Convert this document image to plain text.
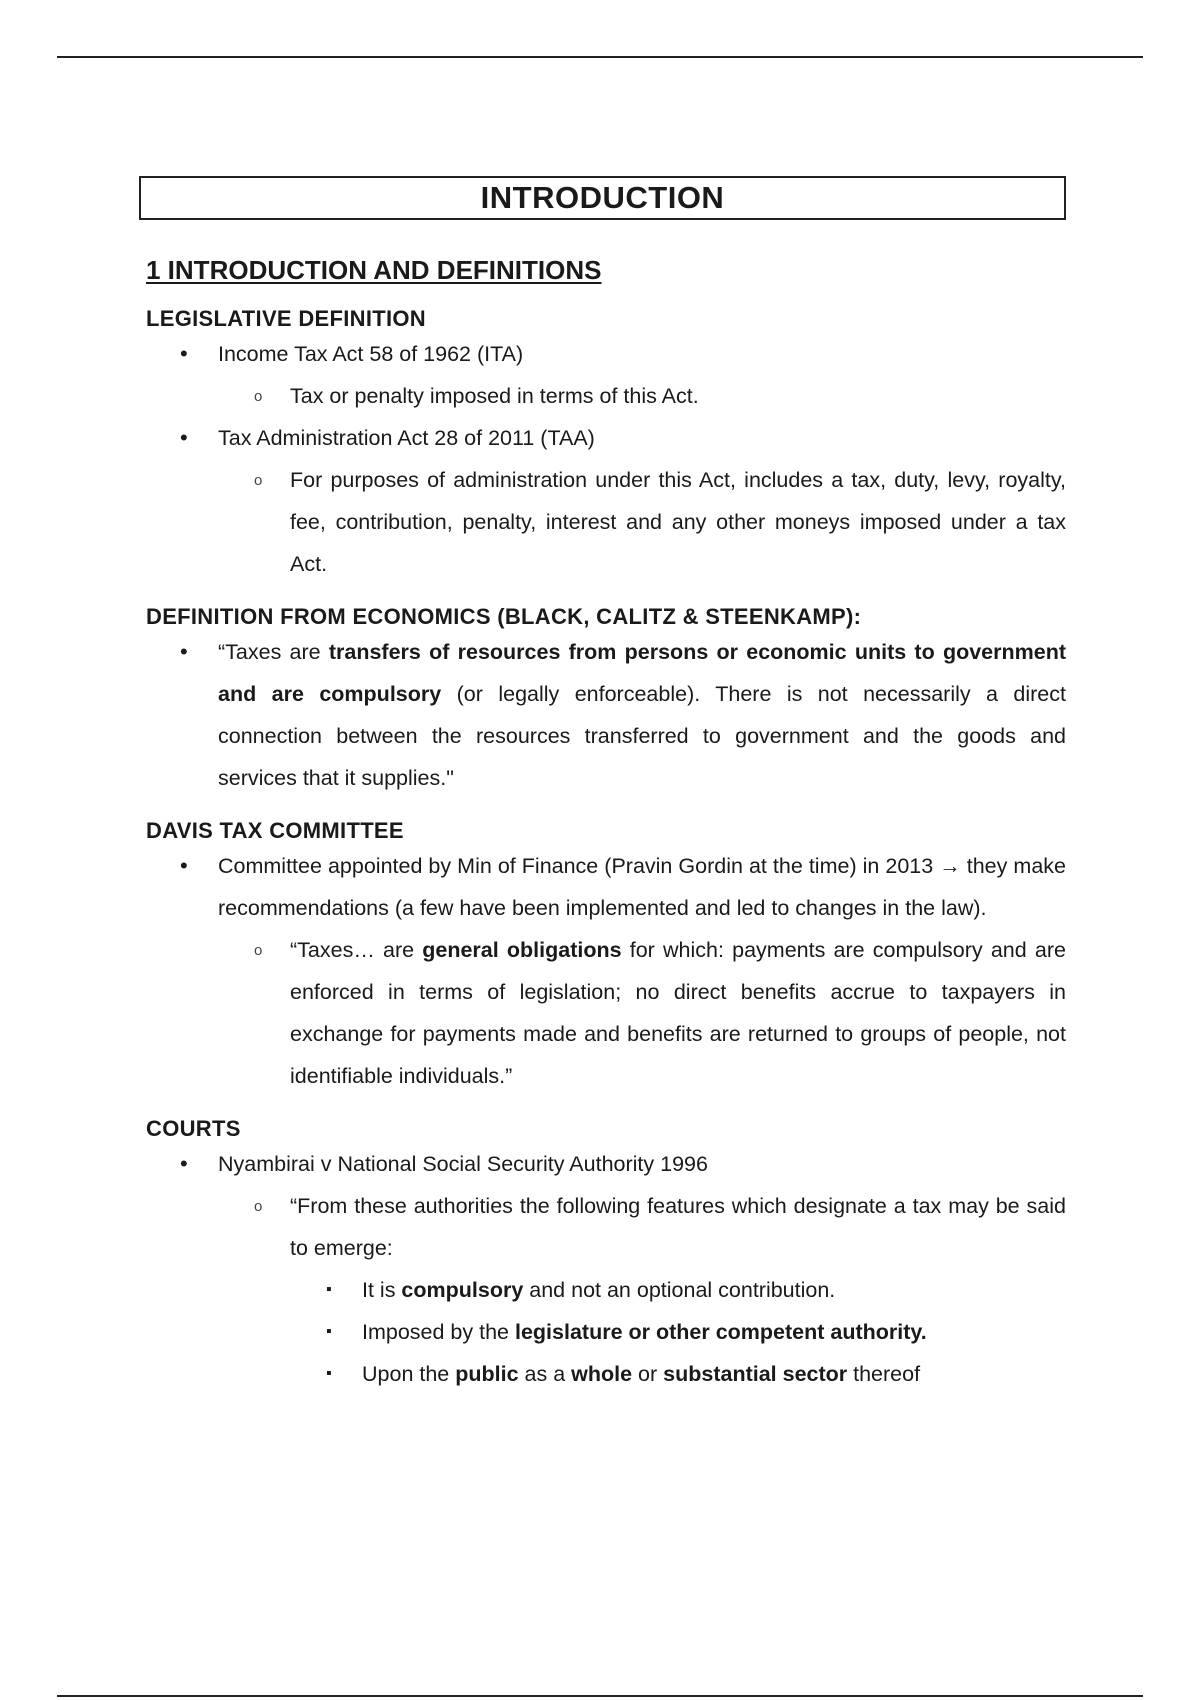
INTRODUCTION
1 INTRODUCTION AND DEFINITIONS
LEGISLATIVE DEFINITION
• Income Tax Act 58 of 1962 (ITA)
o Tax or penalty imposed in terms of this Act.
• Tax Administration Act 28 of 2011 (TAA)
o For purposes of administration under this Act, includes a tax, duty, levy, royalty, fee, contribution, penalty, interest and any other moneys imposed under a tax Act.
DEFINITION FROM ECONOMICS (BLACK, CALITZ & STEENKAMP):
• “Taxes are transfers of resources from persons or economic units to government and are compulsory (or legally enforceable). There is not necessarily a direct connection between the resources transferred to government and the goods and services that it supplies."
DAVIS TAX COMMITTEE
• Committee appointed by Min of Finance (Pravin Gordin at the time) in 2013 → they make recommendations (a few have been implemented and led to changes in the law).
o “Taxes… are general obligations for which: payments are compulsory and are enforced in terms of legislation; no direct benefits accrue to taxpayers in exchange for payments made and benefits are returned to groups of people, not identifiable individuals.”
COURTS
• Nyambirai v National Social Security Authority 1996
o “From these authorities the following features which designate a tax may be said to emerge:
▪ It is compulsory and not an optional contribution.
▪ Imposed by the legislature or other competent authority.
▪ Upon the public as a whole or substantial sector thereof
